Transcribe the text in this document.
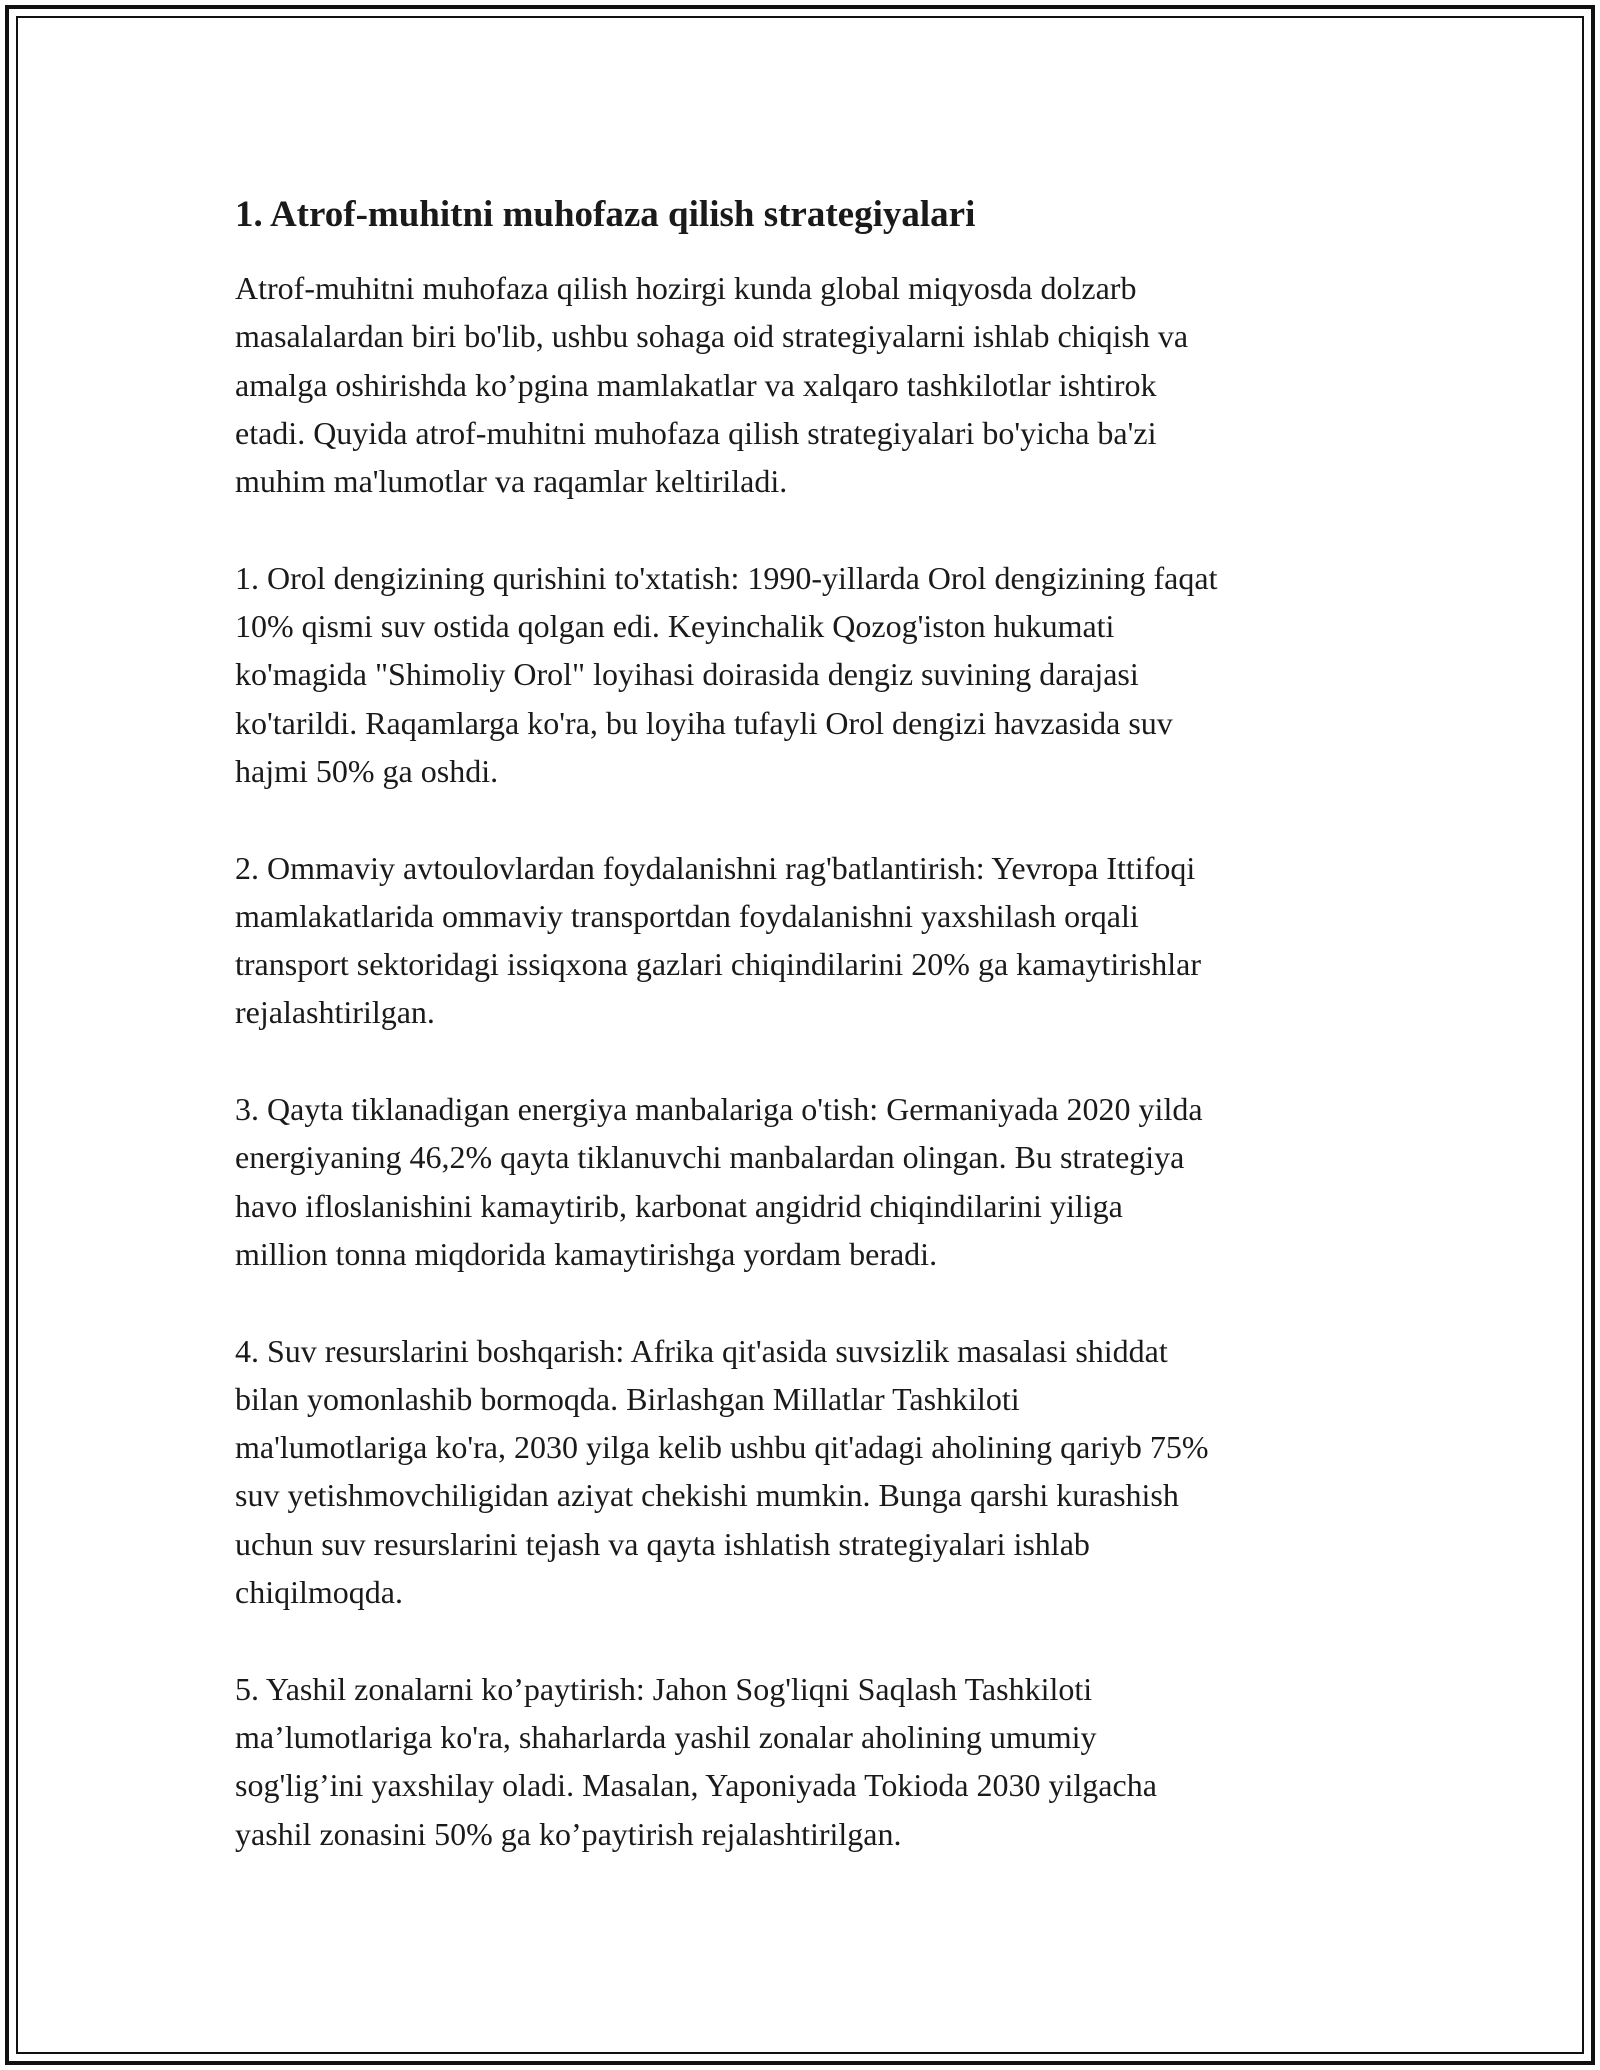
1. Atrof-muhitni muhofaza qilish strategiyalari

Atrof-muhitni muhofaza qilish hozirgi kunda global miqyosda dolzarb
masalalardan biri bo'lib, ushbu sohaga oid strategiyalarni ishlab chiqish va
amalga oshirishda ko’pgina mamlakatlar va xalqaro tashkilotlar ishtirok
etadi. Quyida atrof-muhitni muhofaza qilish strategiyalari bo'yicha ba'zi
muhim ma'lumotlar va raqamlar keltiriladi.

1. Orol dengizining qurishini to'xtatish: 1990-yillarda Orol dengizining faqat
10% qismi suv ostida qolgan edi. Keyinchalik Qozog'iston hukumati
ko'magida "Shimoliy Orol" loyihasi doirasida dengiz suvining darajasi
ko'tarildi. Raqamlarga ko'ra, bu loyiha tufayli Orol dengizi havzasida suv
hajmi 50% ga oshdi.

2. Ommaviy avtoulovlardan foydalanishni rag'batlantirish: Yevropa Ittifoqi
mamlakatlarida ommaviy transportdan foydalanishni yaxshilash orqali
transport sektoridagi issiqxona gazlari chiqindilarini 20% ga kamaytirishlar
rejalashtirilgan.

3. Qayta tiklanadigan energiya manbalariga o'tish: Germaniyada 2020 yilda
energiyaning 46,2% qayta tiklanuvchi manbalardan olingan. Bu strategiya
havo ifloslanishini kamaytirib, karbonat angidrid chiqindilarini yiliga
million tonna miqdorida kamaytirishga yordam beradi.

4. Suv resurslarini boshqarish: Afrika qit'asida suvsizlik masalasi shiddat
bilan yomonlashib bormoqda. Birlashgan Millatlar Tashkiloti
ma'lumotlariga ko'ra, 2030 yilga kelib ushbu qit'adagi aholining qariyb 75%
suv yetishmovchiligidan aziyat chekishi mumkin. Bunga qarshi kurashish
uchun suv resurslarini tejash va qayta ishlatish strategiyalari ishlab
chiqilmoqda.

5. Yashil zonalarni ko’paytirish: Jahon Sog'liqni Saqlash Tashkiloti
ma’lumotlariga ko'ra, shaharlarda yashil zonalar aholining umumiy
sog'lig’ini yaxshilay oladi. Masalan, Yaponiyada Tokioda 2030 yilgacha
yashil zonasini 50% ga ko’paytirish rejalashtirilgan.
